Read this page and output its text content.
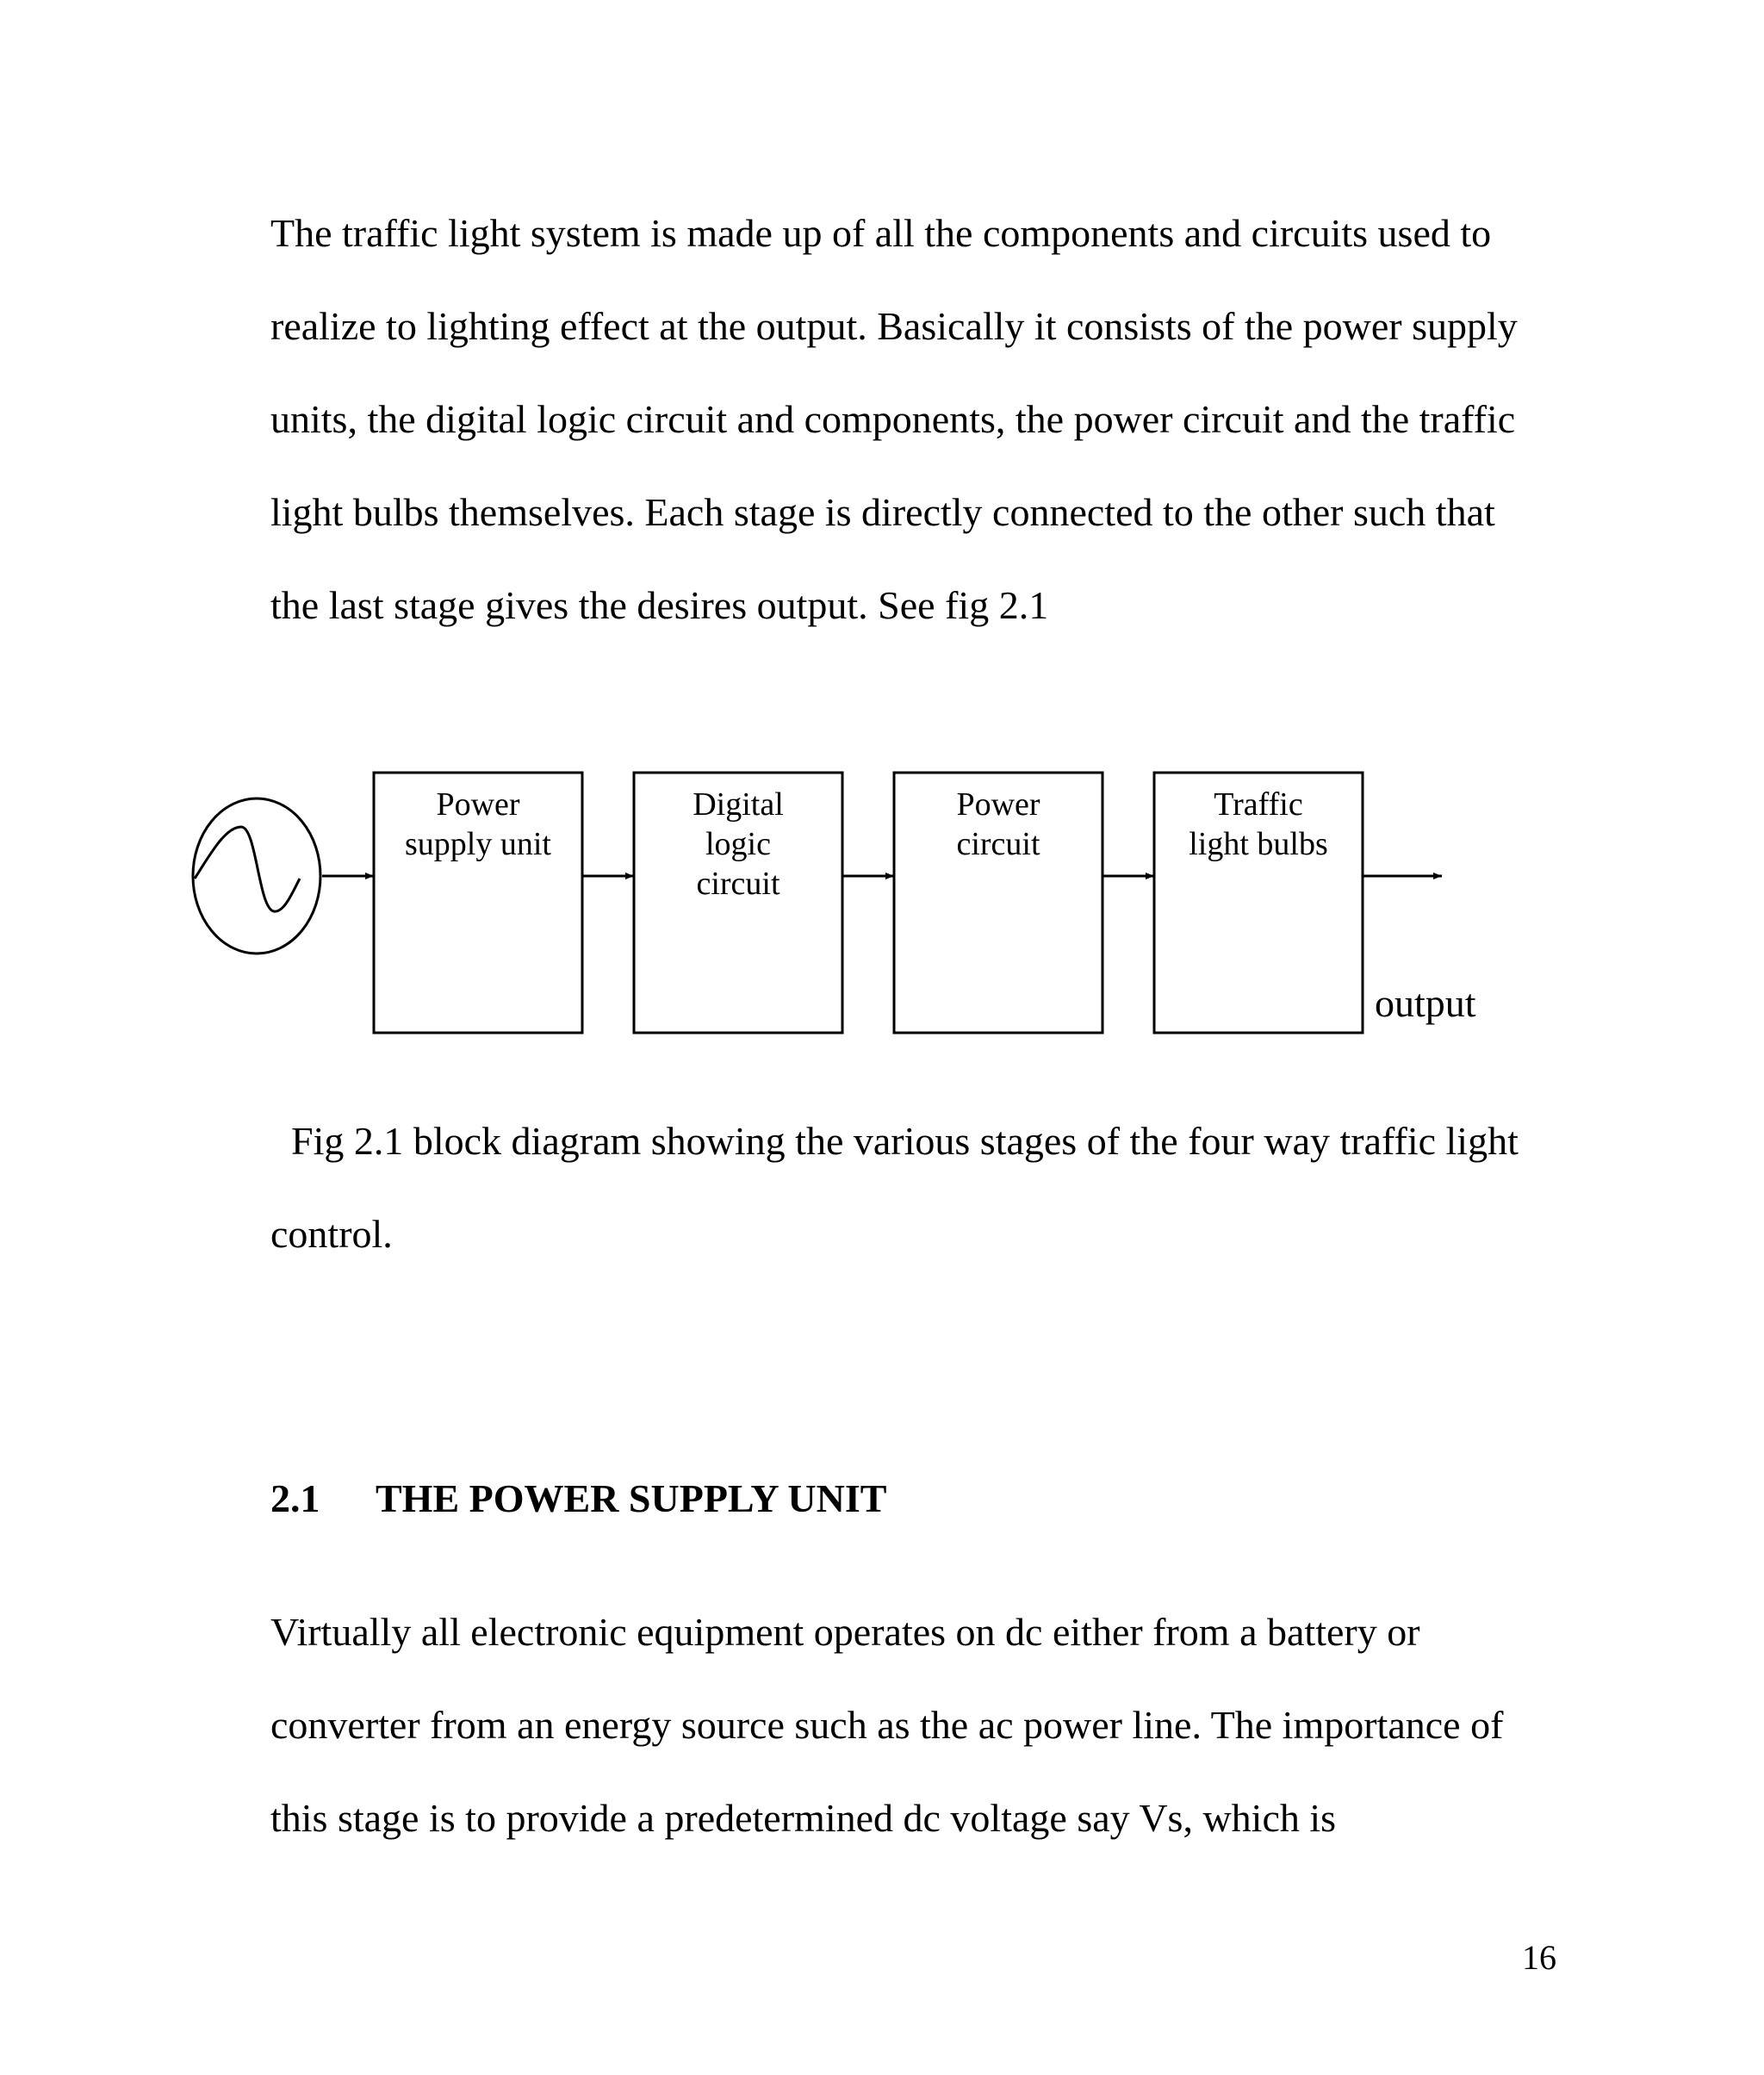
The traffic light system is made up of all the components and circuits used to
realize to lighting effect at the output. Basically it consists of the power supply
units, the digital logic circuit and components, the power circuit and the traffic
light bulbs themselves. Each stage is directly connected to the other such that
the last stage gives the desires output. See fig 2.1
Power
supply unit
Digital
logic
circuit
Power
circuit
Traffic
light bulbs
output
Fig 2.1 block diagram showing the various stages of the four way traffic light
control.
2.1 THE POWER SUPPLY UNIT
Virtually all electronic equipment operates on dc either from a battery or
converter from an energy source such as the ac power line. The importance of
this stage is to provide a predetermined dc voltage say Vs, which is
16
